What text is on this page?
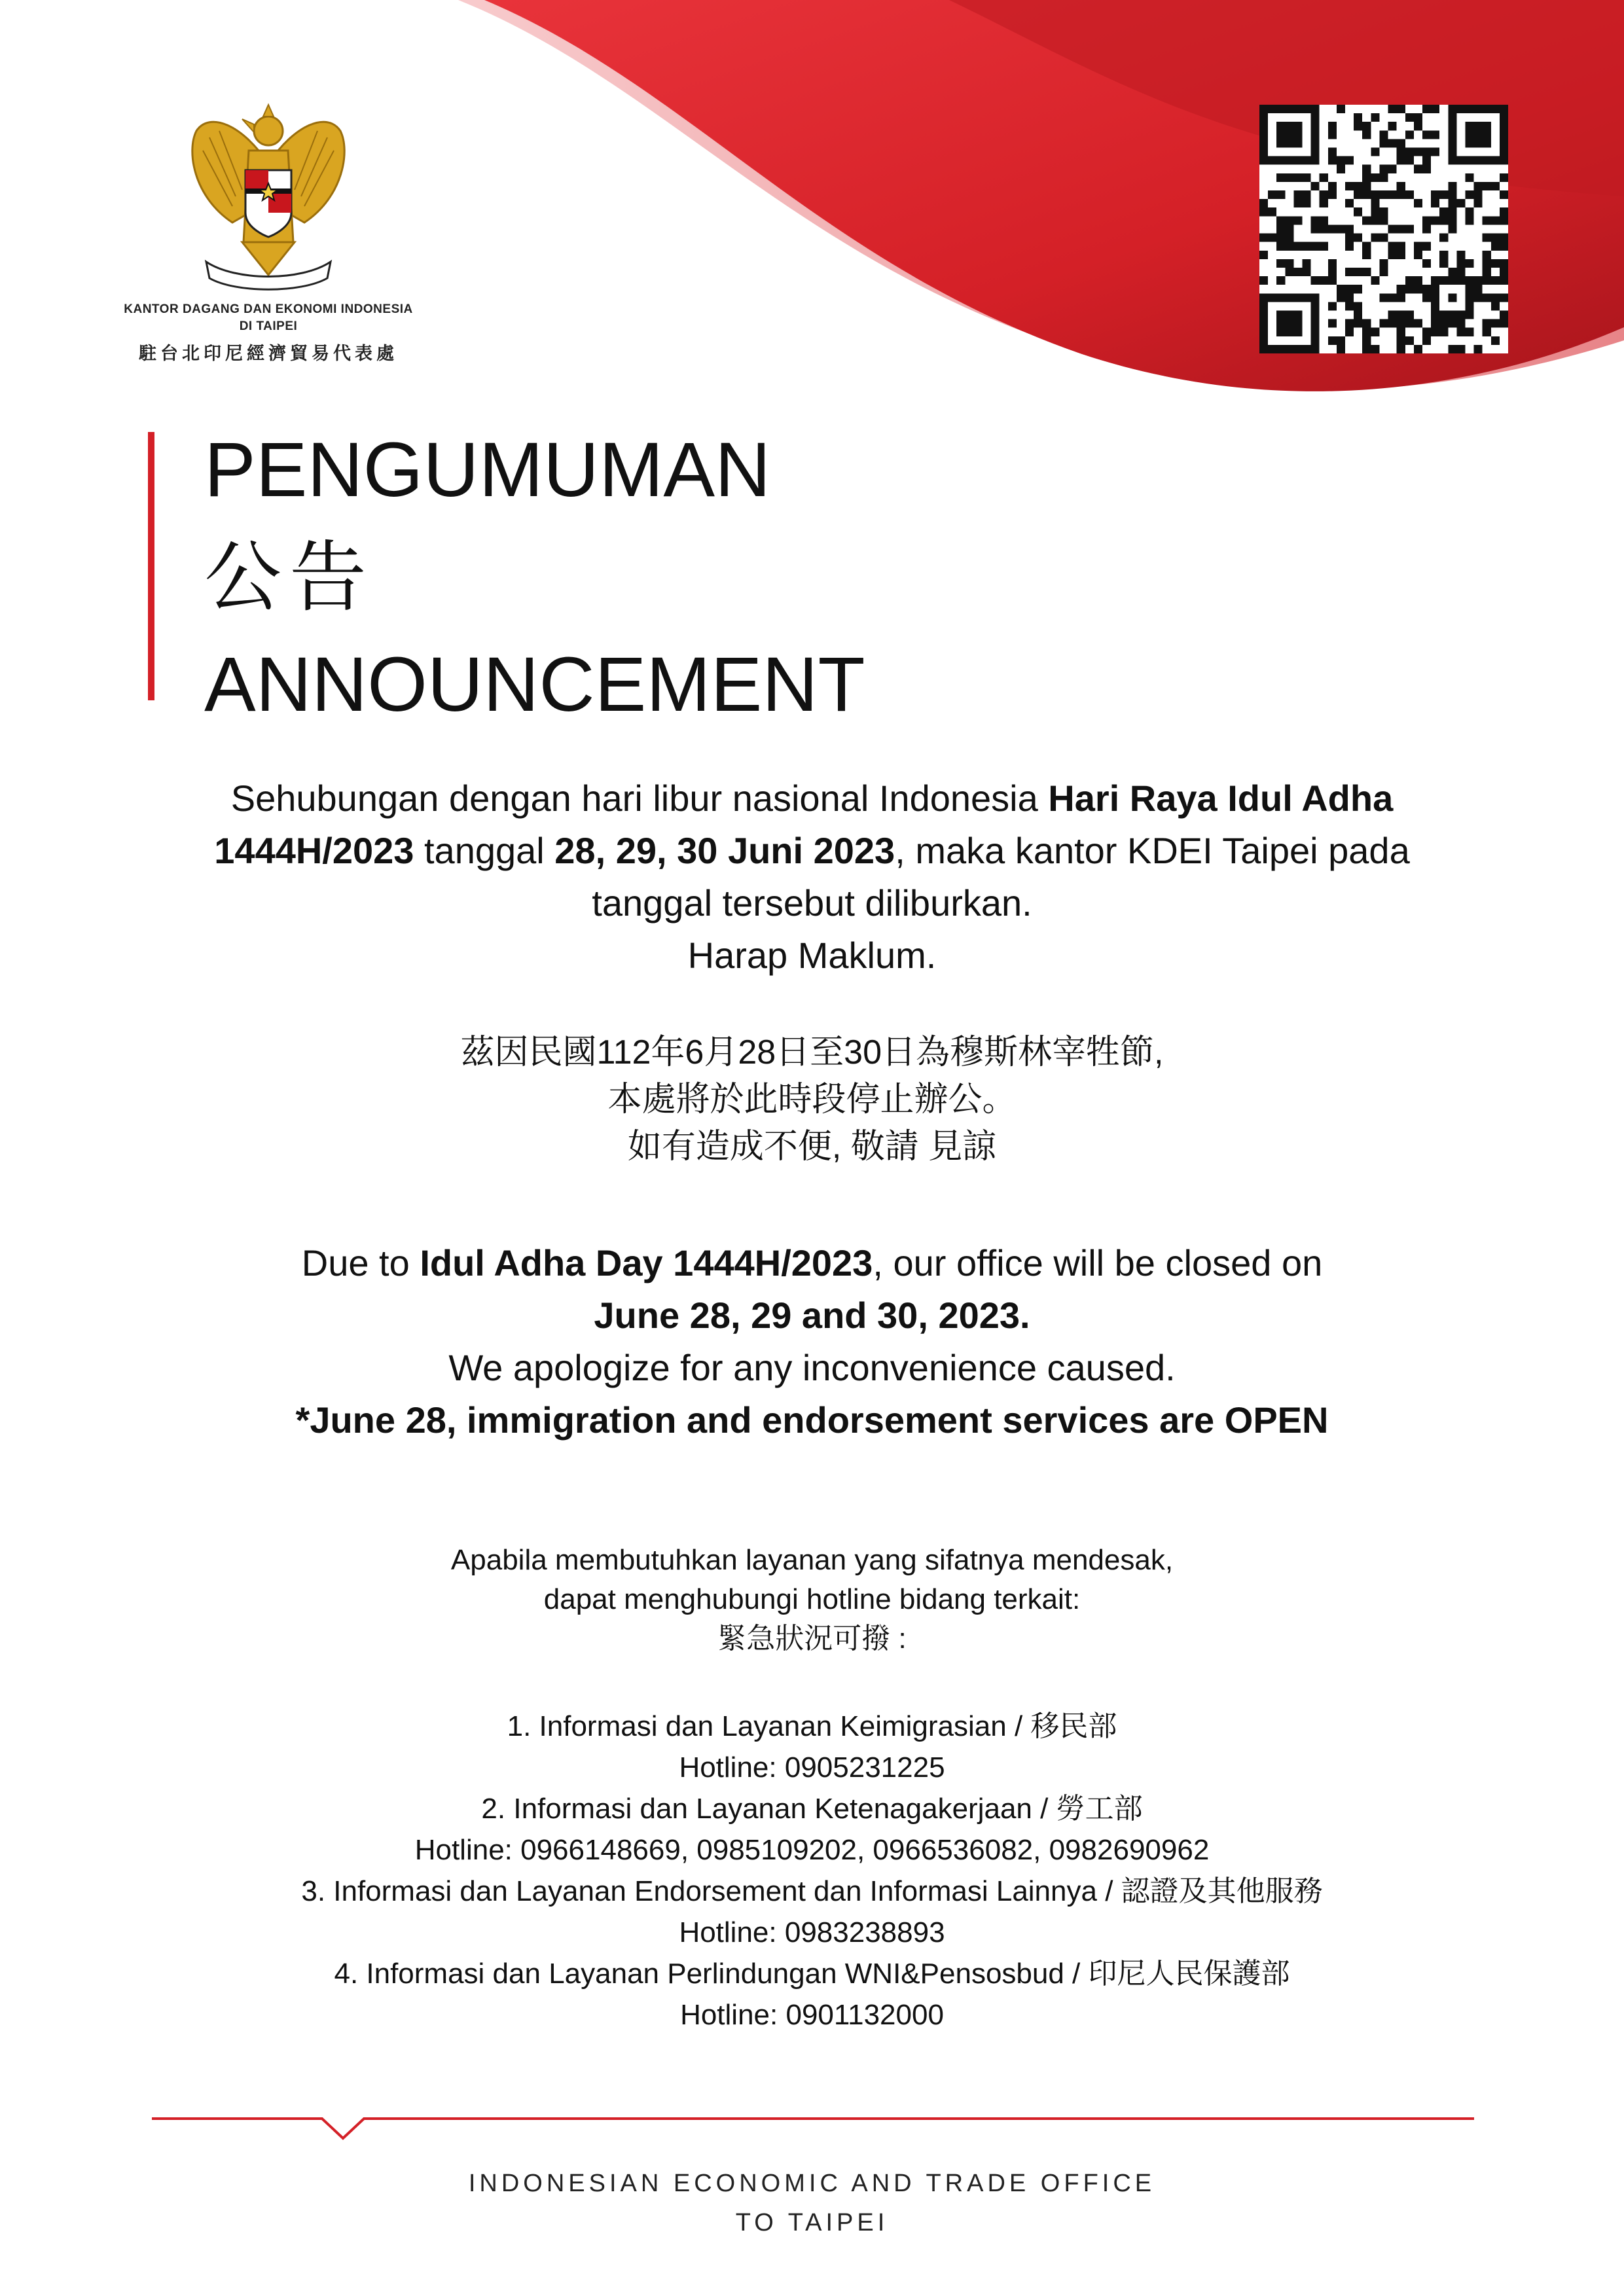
KANTOR DAGANG DAN EKONOMI INDONESIA
DI TAIPEI
駐台北印尼經濟貿易代表處
PENGUMUMAN
公告
ANNOUNCEMENT
Sehubungan dengan hari libur nasional Indonesia Hari Raya Idul Adha
1444H/2023 tanggal 28, 29, 30 Juni 2023, maka kantor KDEI Taipei pada
tanggal tersebut diliburkan.
Harap Maklum.
茲因民國112年6月28日至30日為穆斯林宰牲節,
本處將於此時段停止辦公。
如有造成不便, 敬請 見諒
Due to Idul Adha Day 1444H/2023, our office will be closed on
June 28, 29 and 30, 2023.
We apologize for any inconvenience caused.
*June 28, immigration and endorsement services are OPEN
Apabila membutuhkan layanan yang sifatnya mendesak,
dapat menghubungi hotline bidang terkait:
緊急狀況可撥 :
1. Informasi dan Layanan Keimigrasian / 移民部
Hotline: 0905231225
2. Informasi dan Layanan Ketenagakerjaan / 勞工部
Hotline: 0966148669, 0985109202, 0966536082, 0982690962
3. Informasi dan Layanan Endorsement dan Informasi Lainnya / 認證及其他服務
Hotline: 0983238893
4. Informasi dan Layanan Perlindungan WNI&Pensosbud / 印尼人民保護部
Hotline: 0901132000
INDONESIAN ECONOMIC AND TRADE OFFICE
TO TAIPEI
